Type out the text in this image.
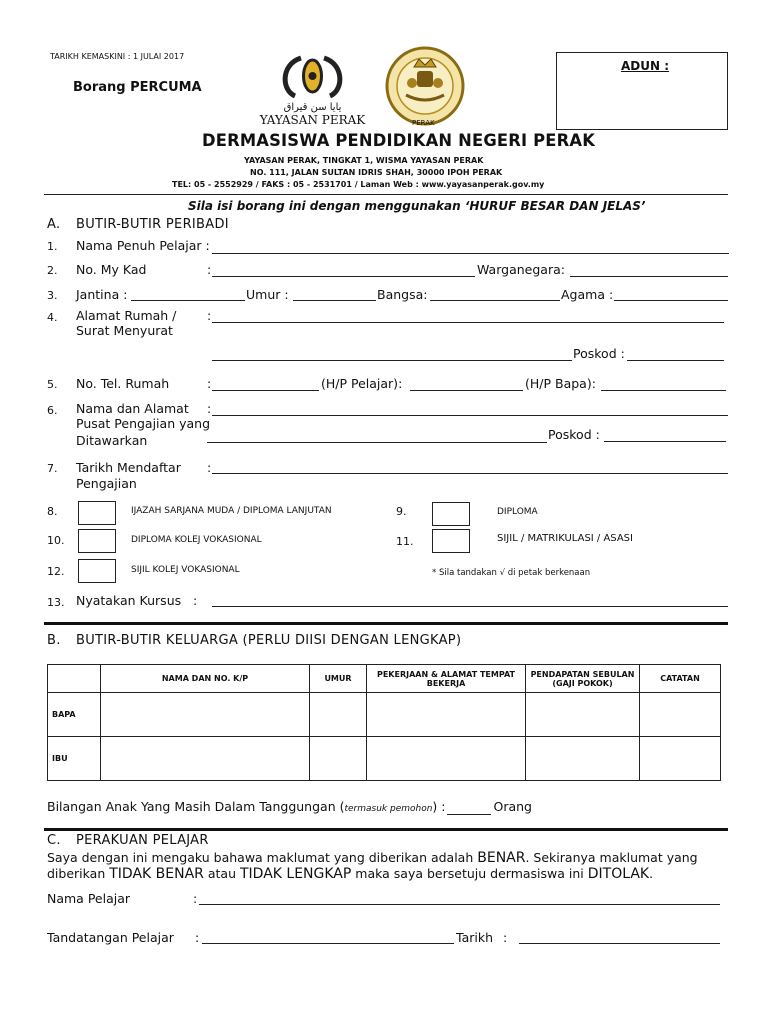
TARIKH KEMASKINI : 1 JULAI 2017
Borang PERCUMA
يايا سن قيراق
YAYASAN PERAK	PERAK
ADUN :
DERMASISWA PENDIDIKAN NEGERI PERAK
YAYASAN PERAK, TINGKAT 1, WISMA YAYASAN PERAK
NO. 111, JALAN SULTAN IDRIS SHAH, 30000 IPOH PERAK
TEL: 05 - 2552929 / FAKS : 05 - 2531701 / Laman Web : www.yayasanperak.gov.my
Sila isi borang ini dengan menggunakan ‘HURUF BESAR DAN JELAS’
A. BUTIR-BUTIR PERIBADI
1. Nama Penuh Pelajar :
2. No. My Kad	:	Warganegara:
3. Jantina :	Umur :	Bangsa:	Agama :
4. Alamat Rumah /
Surat Menyurat
:
Poskod :
5. No. Tel. Rumah	:	(H/P Pelajar):	(H/P Bapa):
6. Nama dan Alamat
Pusat Pengajian yang
Ditawarkan
:
Poskod :
7. Tarikh Mendaftar
Pengajian
:
8.	IJAZAH SARJANA MUDA / DIPLOMA LANJUTAN	9.	DIPLOMA
10.	DIPLOMA KOLEJ VOKASIONAL	11.	SIJIL / MATRIKULASI / ASASI
12.	SIJIL KOLEJ VOKASIONAL	* Sila tandakan √ di petak berkenaan
13. Nyatakan Kursus :
B. BUTIR-BUTIR KELUARGA (PERLU DIISI DENGAN LENGKAP)
	NAMA DAN NO. K/P	UMUR	PEKERJAAN & ALAMAT TEMPAT BEKERJA	PENDAPATAN SEBULAN (GAJI POKOK)	CATATAN
BAPA					
IBU					
Bilangan Anak Yang Masih Dalam Tanggungan (termasuk pemohon) :	Orang
C. PERAKUAN PELAJAR
Saya dengan ini mengaku bahawa maklumat yang diberikan adalah BENAR. Sekiranya maklumat yang
diberikan TIDAK BENAR atau TIDAK LENGKAP maka saya bersetuju dermasiswa ini DITOLAK.
Nama Pelajar	:
Tandatangan Pelajar :	Tarikh :
